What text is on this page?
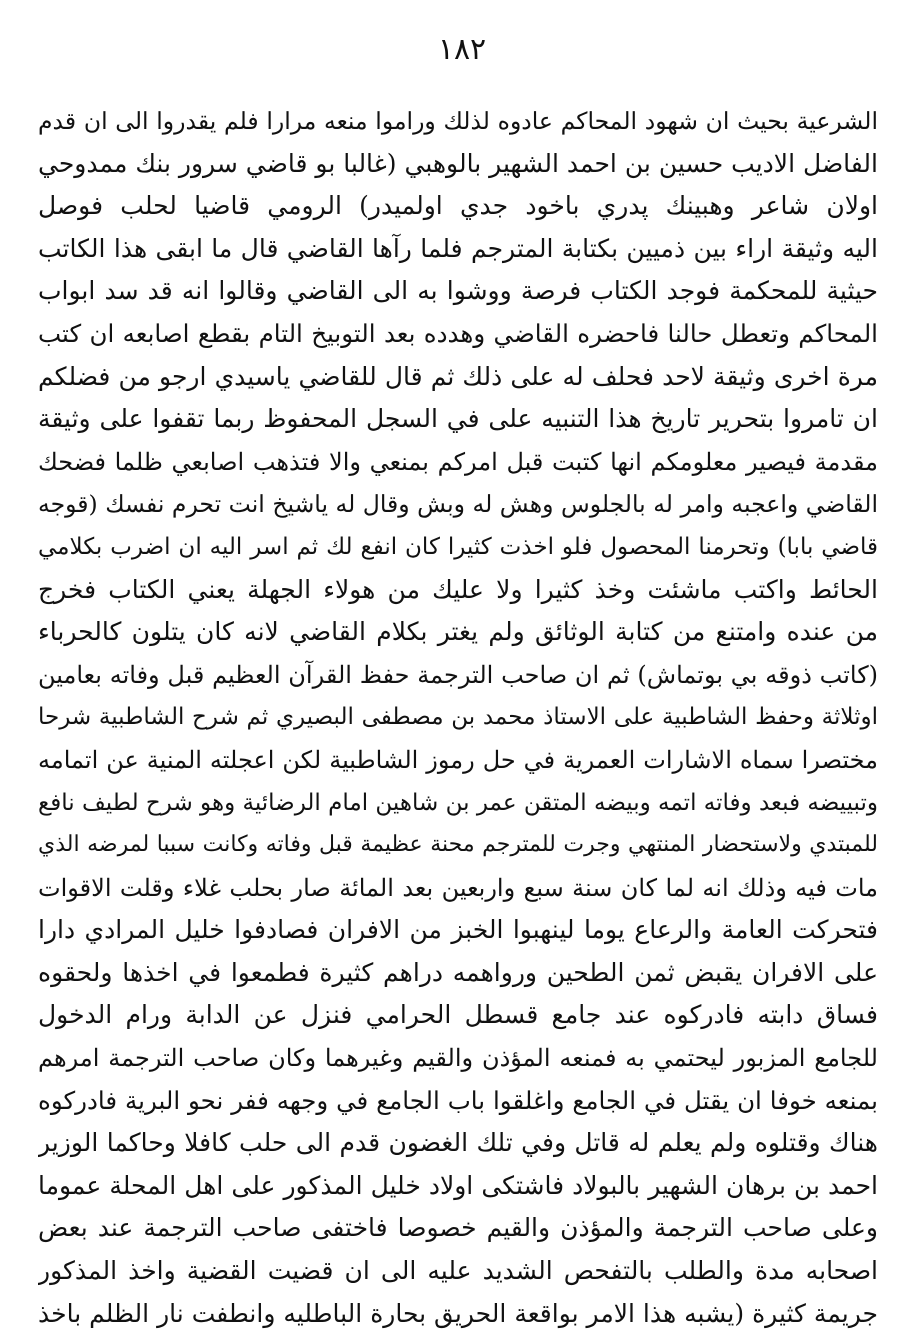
١٨٢
الشرعية بحيث ان شهود المحاكم عادوه لذلك وراموا منعه مرارا فلم يقدروا الى ان قدم
الفاضل الاديب حسين بن احمد الشهير بالوهبي (غالبا بو قاضي سرور بنك ممدوحي
اولان شاعر وهبينك پدري باخود جدي اولميدر) الرومي قاضيا لحلب فوصل
اليه وثيقة اراء بين ذميين بكتابة المترجم فلما رآها القاضي قال ما ابقى هذا الكاتب
حيثية للمحكمة فوجد الكتاب فرصة ووشوا به الى القاضي وقالوا انه قد سد ابواب
المحاكم وتعطل حالنا فاحضره القاضي وهدده بعد التوبيخ التام بقطع اصابعه ان كتب
مرة اخرى وثيقة لاحد فحلف له على ذلك ثم قال للقاضي ياسيدي ارجو من فضلكم
ان تامروا بتحرير تاريخ هذا التنبيه على في السجل المحفوظ ربما تقفوا على وثيقة
مقدمة فيصير معلومكم انها كتبت قبل امركم بمنعي والا فتذهب اصابعي ظلما فضحك
القاضي واعجبه وامر له بالجلوس وهش له وبش وقال له ياشيخ انت تحرم نفسك (قوجه
قاضي بابا) وتحرمنا المحصول فلو اخذت كثيرا كان انفع لك ثم اسر اليه ان اضرب بكلامي
الحائط واكتب ماشئت وخذ كثيرا ولا عليك من هولاء الجهلة يعني الكتاب فخرج
من عنده وامتنع من كتابة الوثائق ولم يغتر بكلام القاضي لانه كان يتلون كالحرباء
(كاتب ذوقه بي بوتماش) ثم ان صاحب الترجمة حفظ القرآن العظيم قبل وفاته بعامين
اوثلاثة وحفظ الشاطبية على الاستاذ محمد بن مصطفى البصيري ثم شرح الشاطبية شرحا
مختصرا سماه الاشارات العمرية في حل رموز الشاطبية لكن اعجلته المنية عن اتمامه
وتبييضه فبعد وفاته اتمه وبيضه المتقن عمر بن شاهين امام الرضائية وهو شرح لطيف نافع
للمبتدي ولاستحضار المنتهي وجرت للمترجم محنة عظيمة قبل وفاته وكانت سببا لمرضه الذي
مات فيه وذلك انه لما كان سنة سبع واربعين بعد المائة صار بحلب غلاء وقلت الاقوات
فتحركت العامة والرعاع يوما لينهبوا الخبز من الافران فصادفوا خليل المرادي دارا
على الافران يقبض ثمن الطحين ورواهمه دراهم كثيرة فطمعوا في اخذها ولحقوه
فساق دابته فادركوه عند جامع قسطل الحرامي فنزل عن الدابة ورام الدخول
للجامع المزبور ليحتمي به فمنعه المؤذن والقيم وغيرهما وكان صاحب الترجمة امرهم
بمنعه خوفا ان يقتل في الجامع واغلقوا باب الجامع في وجهه ففر نحو البرية فادركوه
هناك وقتلوه ولم يعلم له قاتل وفي تلك الغضون قدم الى حلب كافلا وحاكما الوزير
احمد بن برهان الشهير بالبولاد فاشتكى اولاد خليل المذكور على اهل المحلة عموما
وعلى صاحب الترجمة والمؤذن والقيم خصوصا فاختفى صاحب الترجمة عند بعض
اصحابه مدة والطلب بالتفحص الشديد عليه الى ان قضيت القضية واخذ المذكور
جريمة كثيرة (يشبه هذا الامر بواقعة الحريق بحارة الباطليه وانطفت نار الظلم باخذ
